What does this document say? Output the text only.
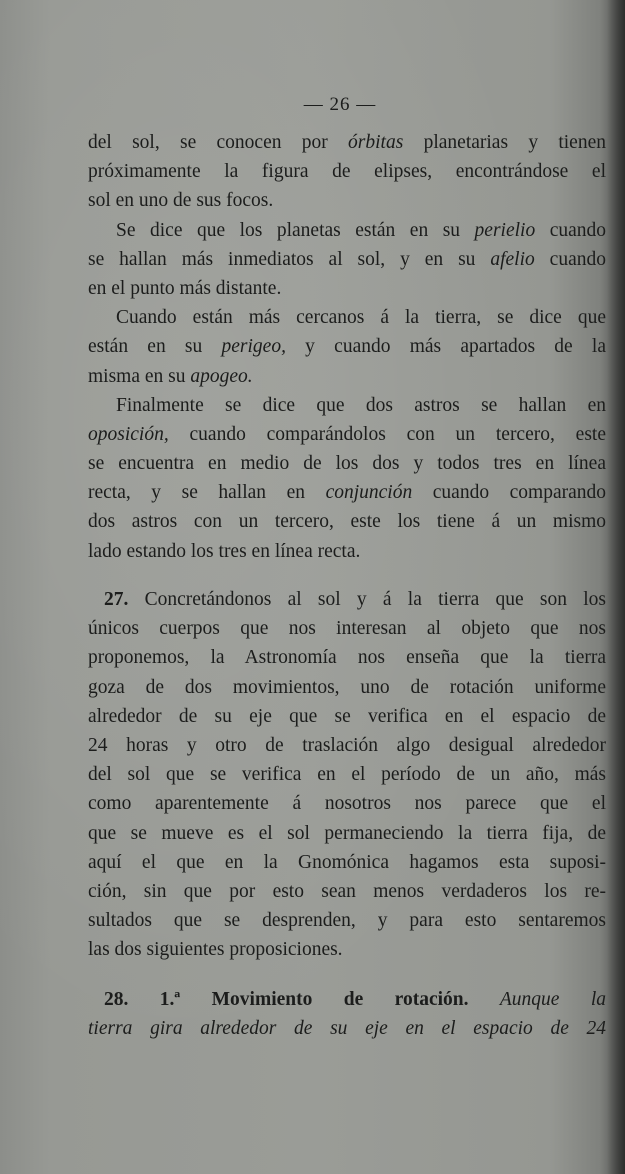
— 26 —
del sol, se conocen por órbitas planetarias y tienen
próximamente la figura de elipses, encontrándose el
sol en uno de sus focos.
Se dice que los planetas están en su perielio cuando
se hallan más inmediatos al sol, y en su afelio cuando
en el punto más distante.
Cuando están más cercanos á la tierra, se dice que
están en su perigeo, y cuando más apartados de la
misma en su apogeo.
Finalmente se dice que dos astros se hallan en
oposición, cuando comparándolos con un tercero, este
se encuentra en medio de los dos y todos tres en línea
recta, y se hallan en conjunción cuando comparando
dos astros con un tercero, este los tiene á un mismo
lado estando los tres en línea recta.
27. Concretándonos al sol y á la tierra que son los
únicos cuerpos que nos interesan al objeto que nos
proponemos, la Astronomía nos enseña que la tierra
goza de dos movimientos, uno de rotación uniforme
alrededor de su eje que se verifica en el espacio de
24 horas y otro de traslación algo desigual alrededor
del sol que se verifica en el período de un año, más
como aparentemente á nosotros nos parece que el
que se mueve es el sol permaneciendo la tierra fija, de
aquí el que en la Gnomónica hagamos esta suposi-
ción, sin que por esto sean menos verdaderos los re-
sultados que se desprenden, y para esto sentaremos
las dos siguientes proposiciones.
28. 1.ª Movimiento de rotación. Aunque la
tierra gira alrededor de su eje en el espacio de 24
